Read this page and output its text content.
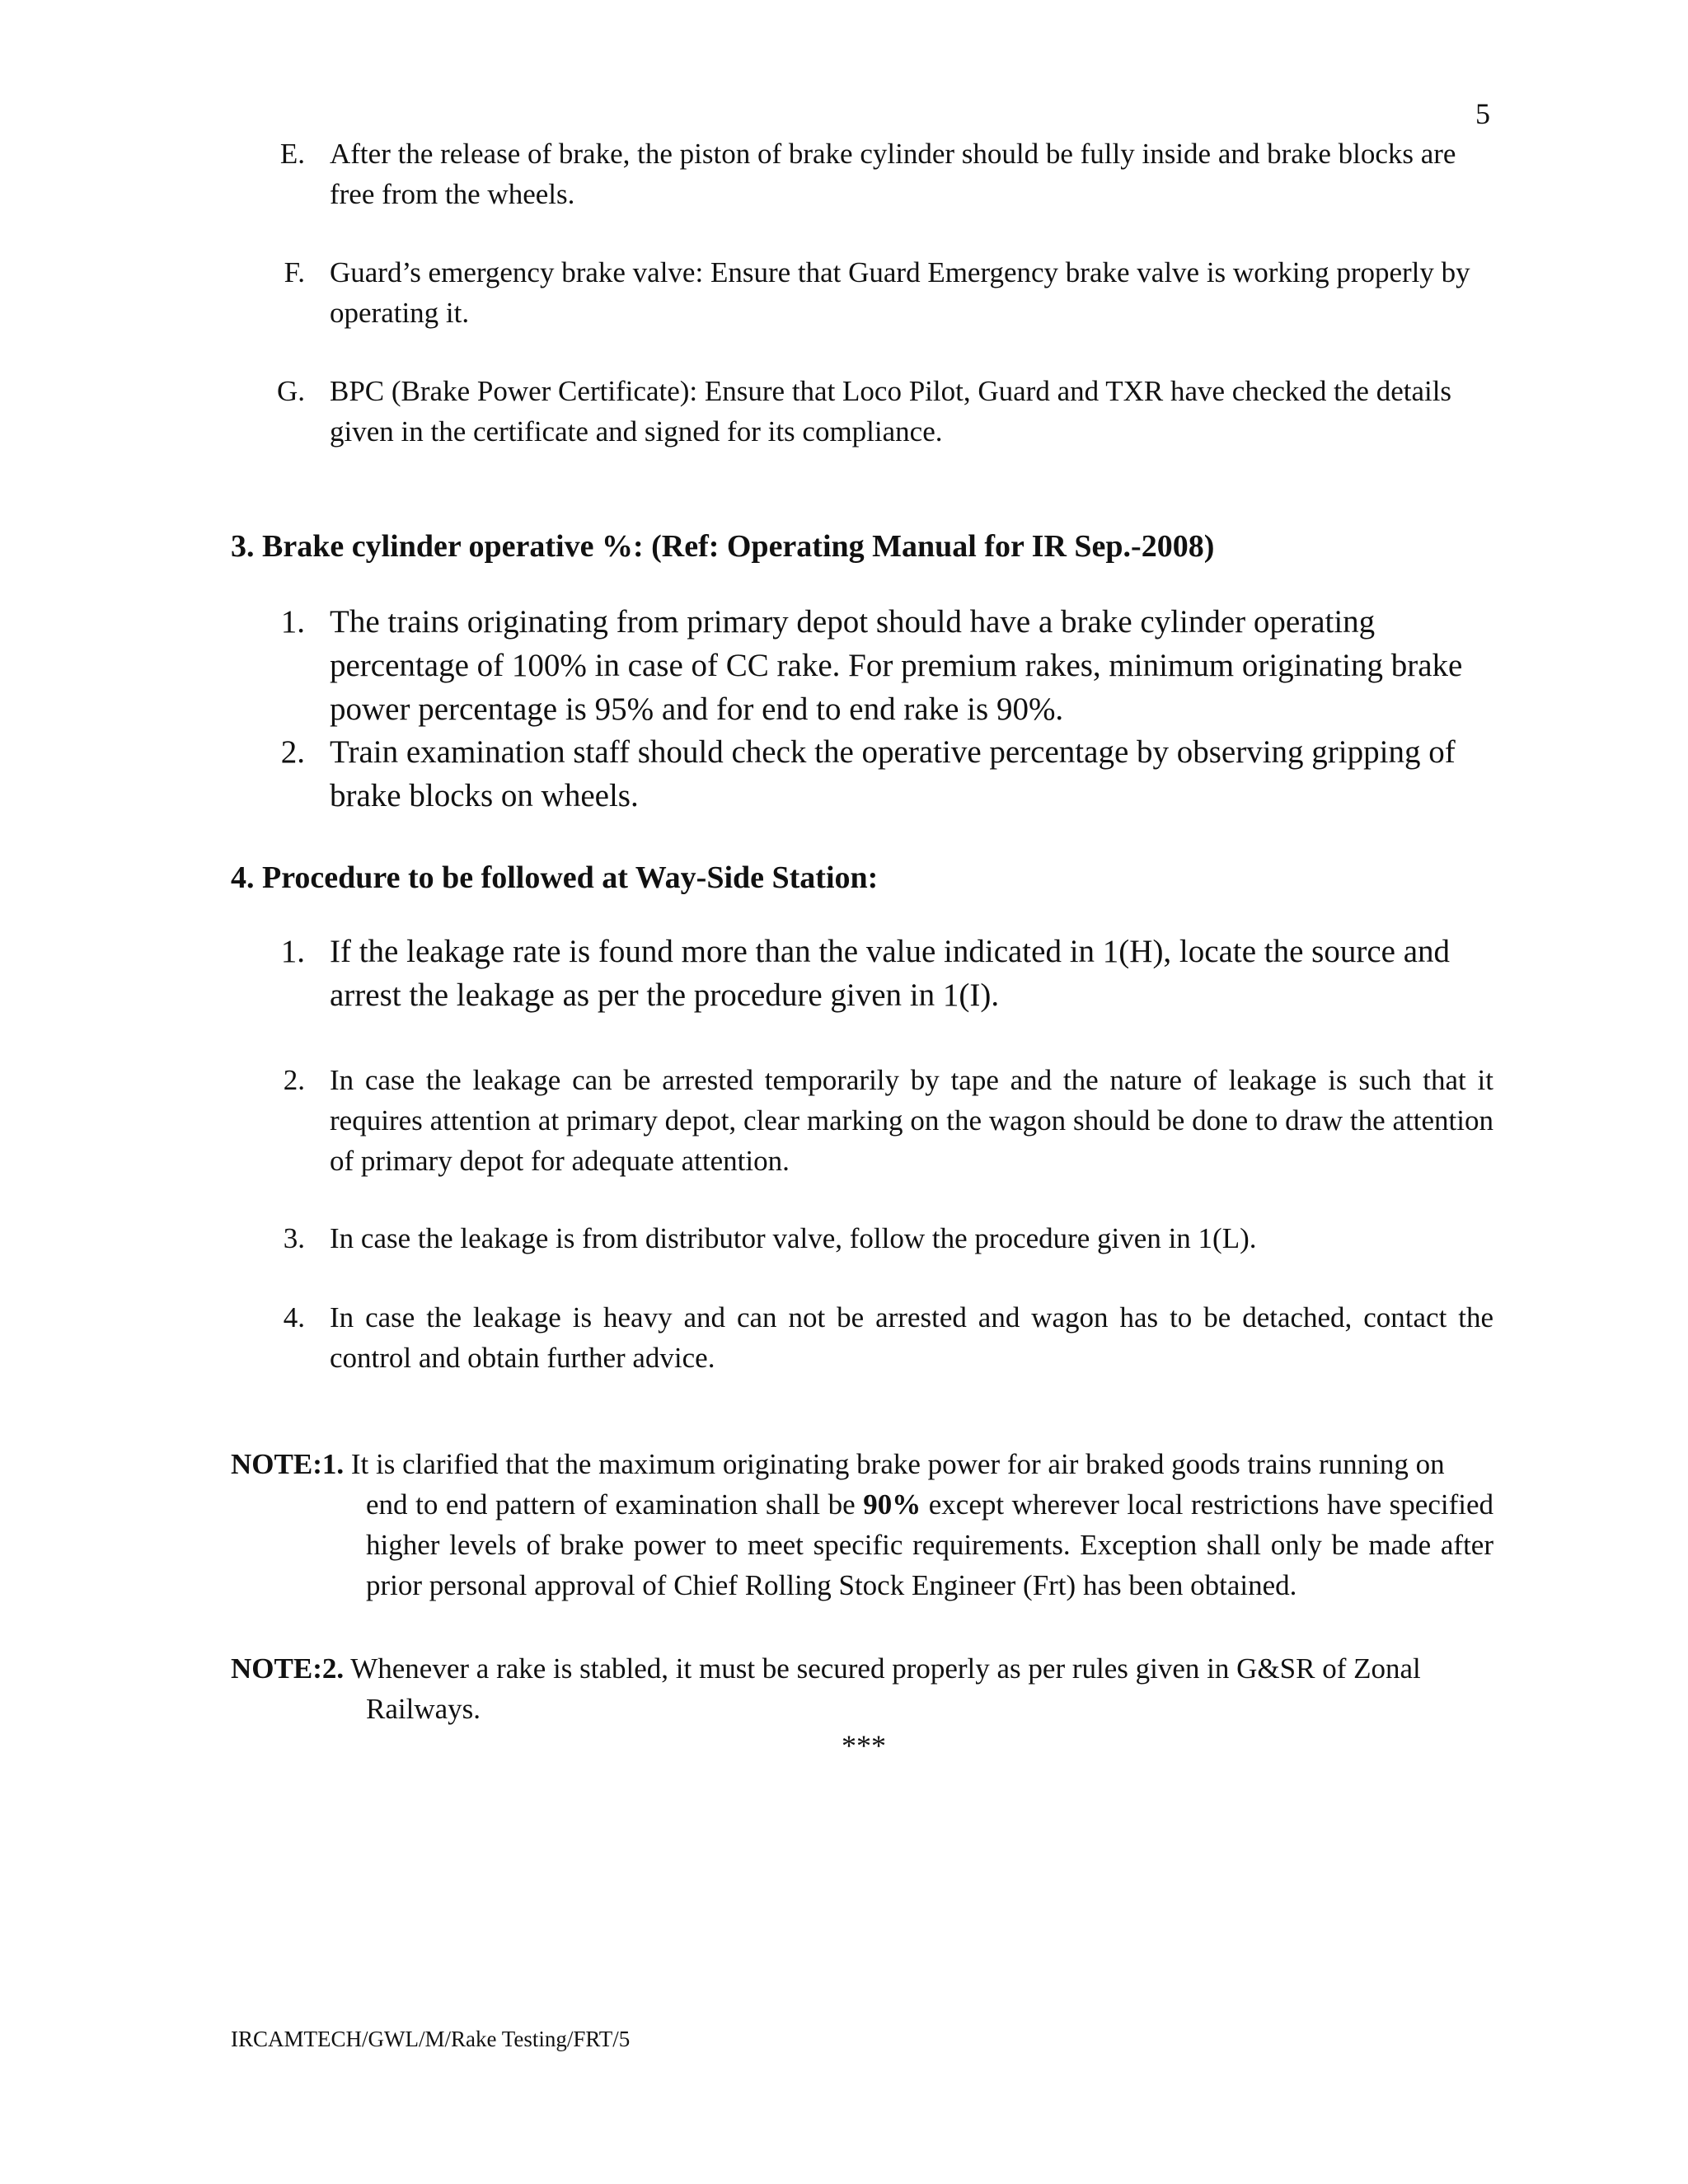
5
E. After the release of brake, the piston of brake cylinder should be fully inside and brake blocks are free from the wheels.
F. Guard’s emergency brake valve: Ensure that Guard Emergency brake valve is working properly by operating it.
G. BPC (Brake Power Certificate): Ensure that Loco Pilot, Guard and TXR have checked the details given in the certificate and signed for its compliance.
3. Brake cylinder operative %: (Ref: Operating Manual for IR Sep.-2008)
1. The trains originating from primary depot should have a brake cylinder operating percentage of 100% in case of CC rake. For premium rakes, minimum originating brake power percentage is 95% and for end to end rake is 90%.
2. Train examination staff should check the operative percentage by observing gripping of brake blocks on wheels.
4. Procedure to be followed at Way-Side Station:
1. If the leakage rate is found more than the value indicated in 1(H), locate the source and arrest the leakage as per the procedure given in 1(I).
2. In case the leakage can be arrested temporarily by tape and the nature of leakage is such that it requires attention at primary depot, clear marking on the wagon should be done to draw the attention of primary depot for adequate attention.
3. In case the leakage is from distributor valve, follow the procedure given in 1(L).
4. In case the leakage is heavy and can not be arrested and wagon has to be detached, contact the control and obtain further advice.
NOTE:1. It is clarified that the maximum originating brake power for air braked goods trains running on
end to end pattern of examination shall be 90% except wherever local restrictions have specified higher levels of brake power to meet specific requirements. Exception shall only be made after prior personal approval of Chief Rolling Stock Engineer (Frt) has been obtained.
NOTE:2. Whenever a rake is stabled, it must be secured properly as per rules given in G&SR of Zonal
Railways.
***
IRCAMTECH/GWL/M/Rake Testing/FRT/5
